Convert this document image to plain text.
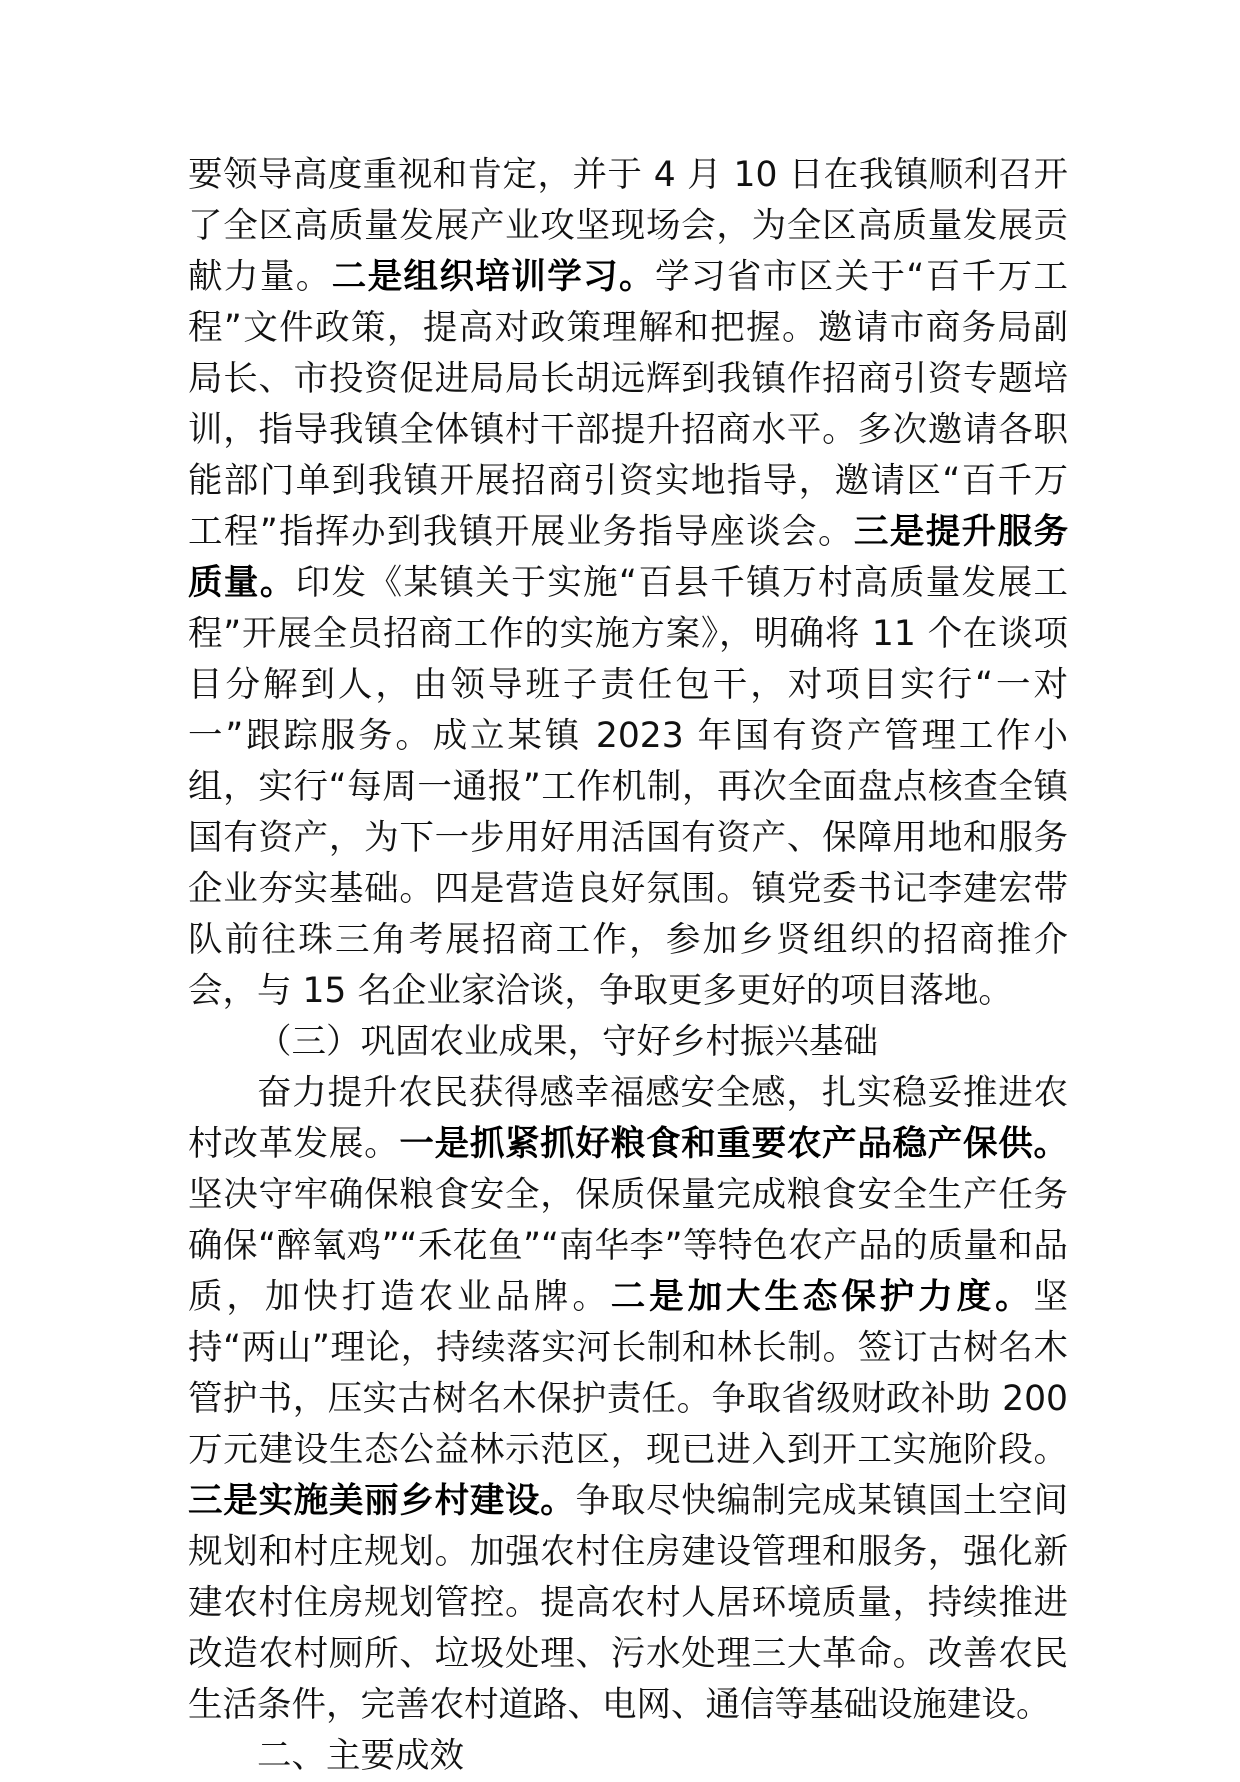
要领导高度重视和肯定，并于 4 月 10 日在我镇顺利召开了全区高质量发展产业攻坚现场会，为全区高质量发展贡献力量。二是组织培训学习。学习省市区关于“百千万工程”文件政策，提高对政策理解和把握。邀请市商务局副局长、市投资促进局局长胡远辉到我镇作招商引资专题培训，指导我镇全体镇村干部提升招商水平。多次邀请各职能部门单到我镇开展招商引资实地指导，邀请区“百千万工程”指挥办到我镇开展业务指导座谈会。三是提升服务质量。印发《某镇关于实施“百县千镇万村高质量发展工程”开展全员招商工作的实施方案》，明确将 11 个在谈项目分解到人，由领导班子责任包干，对项目实行“一对一”跟踪服务。成立某镇 2023 年国有资产管理工作小组，实行“每周一通报”工作机制，再次全面盘点核查全镇国有资产，为下一步用好用活国有资产、保障用地和服务企业夯实基础。四是营造良好氛围。镇党委书记李建宏带队前往珠三角考展招商工作，参加乡贤组织的招商推介会，与 15 名企业家洽谈，争取更多更好的项目落地。

（三）巩固农业成果，守好乡村振兴基础

奋力提升农民获得感幸福感安全感，扎实稳妥推进农村改革发展。一是抓紧抓好粮食和重要农产品稳产保供。坚决守牢确保粮食安全，保质保量完成粮食安全生产任务确保“醉氧鸡”“禾花鱼”“南华李”等特色农产品的质量和品质，加快打造农业品牌。二是加大生态保护力度。坚持“两山”理论，持续落实河长制和林长制。签订古树名木管护书，压实古树名木保护责任。争取省级财政补助 200 万元建设生态公益林示范区，现已进入到开工实施阶段。三是实施美丽乡村建设。争取尽快编制完成某镇国土空间规划和村庄规划。加强农村住房建设管理和服务，强化新建农村住房规划管控。提高农村人居环境质量，持续推进改造农村厕所、垃圾处理、污水处理三大革命。改善农民生活条件，完善农村道路、电网、通信等基础设施建设。

二、主要成效
